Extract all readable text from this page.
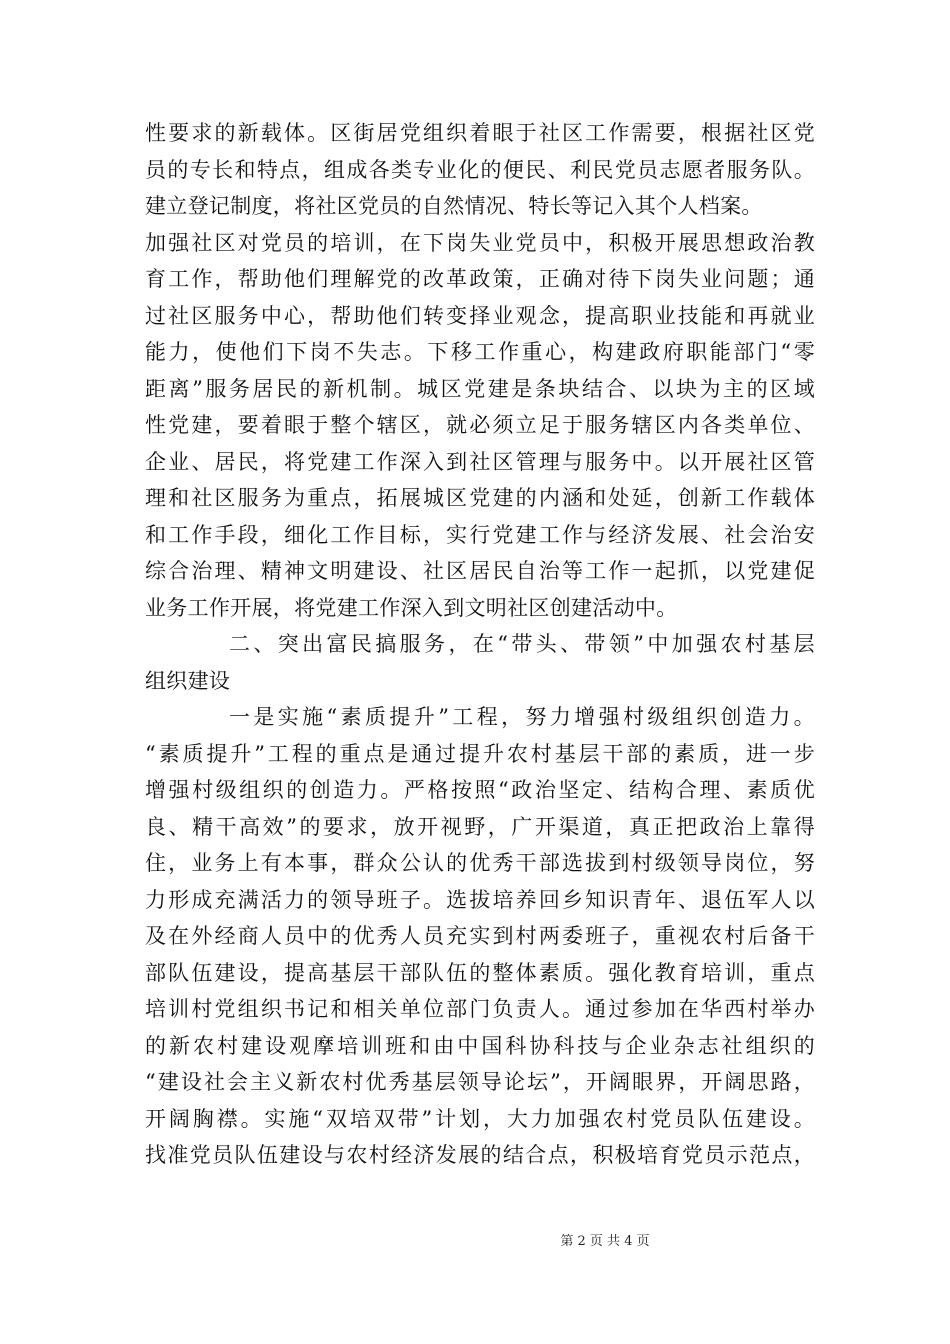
性要求的新载体。区街居党组织着眼于社区工作需要，根据社区党
员的专长和特点，组成各类专业化的便民、利民党员志愿者服务队。
建立登记制度，将社区党员的自然情况、特长等记入其个人档案。
加强社区对党员的培训，在下岗失业党员中，积极开展思想政治教
育工作，帮助他们理解党的改革政策，正确对待下岗失业问题；通
过社区服务中心，帮助他们转变择业观念，提高职业技能和再就业
能力，使他们下岗不失志。下移工作重心，构建政府职能部门“零
距离”服务居民的新机制。城区党建是条块结合、以块为主的区域
性党建，要着眼于整个辖区，就必须立足于服务辖区内各类单位、
企业、居民，将党建工作深入到社区管理与服务中。以开展社区管
理和社区服务为重点，拓展城区党建的内涵和处延，创新工作载体
和工作手段，细化工作目标，实行党建工作与经济发展、社会治安
综合治理、精神文明建设、社区居民自治等工作一起抓，以党建促
业务工作开展，将党建工作深入到文明社区创建活动中。
二、突出富民搞服务，在“带头、带领”中加强农村基层
组织建设
一是实施“素质提升”工程，努力增强村级组织创造力。
“素质提升”工程的重点是通过提升农村基层干部的素质，进一步
增强村级组织的创造力。严格按照“政治坚定、结构合理、素质优
良、精干高效”的要求，放开视野，广开渠道，真正把政治上靠得
住，业务上有本事，群众公认的优秀干部选拔到村级领导岗位，努
力形成充满活力的领导班子。选拔培养回乡知识青年、退伍军人以
及在外经商人员中的优秀人员充实到村两委班子，重视农村后备干
部队伍建设，提高基层干部队伍的整体素质。强化教育培训，重点
培训村党组织书记和相关单位部门负责人。通过参加在华西村举办
的新农村建设观摩培训班和由中国科协科技与企业杂志社组织的
“建设社会主义新农村优秀基层领导论坛”，开阔眼界，开阔思路，
开阔胸襟。实施“双培双带”计划，大力加强农村党员队伍建设。
找准党员队伍建设与农村经济发展的结合点，积极培育党员示范点，
第 2 页 共 4 页
